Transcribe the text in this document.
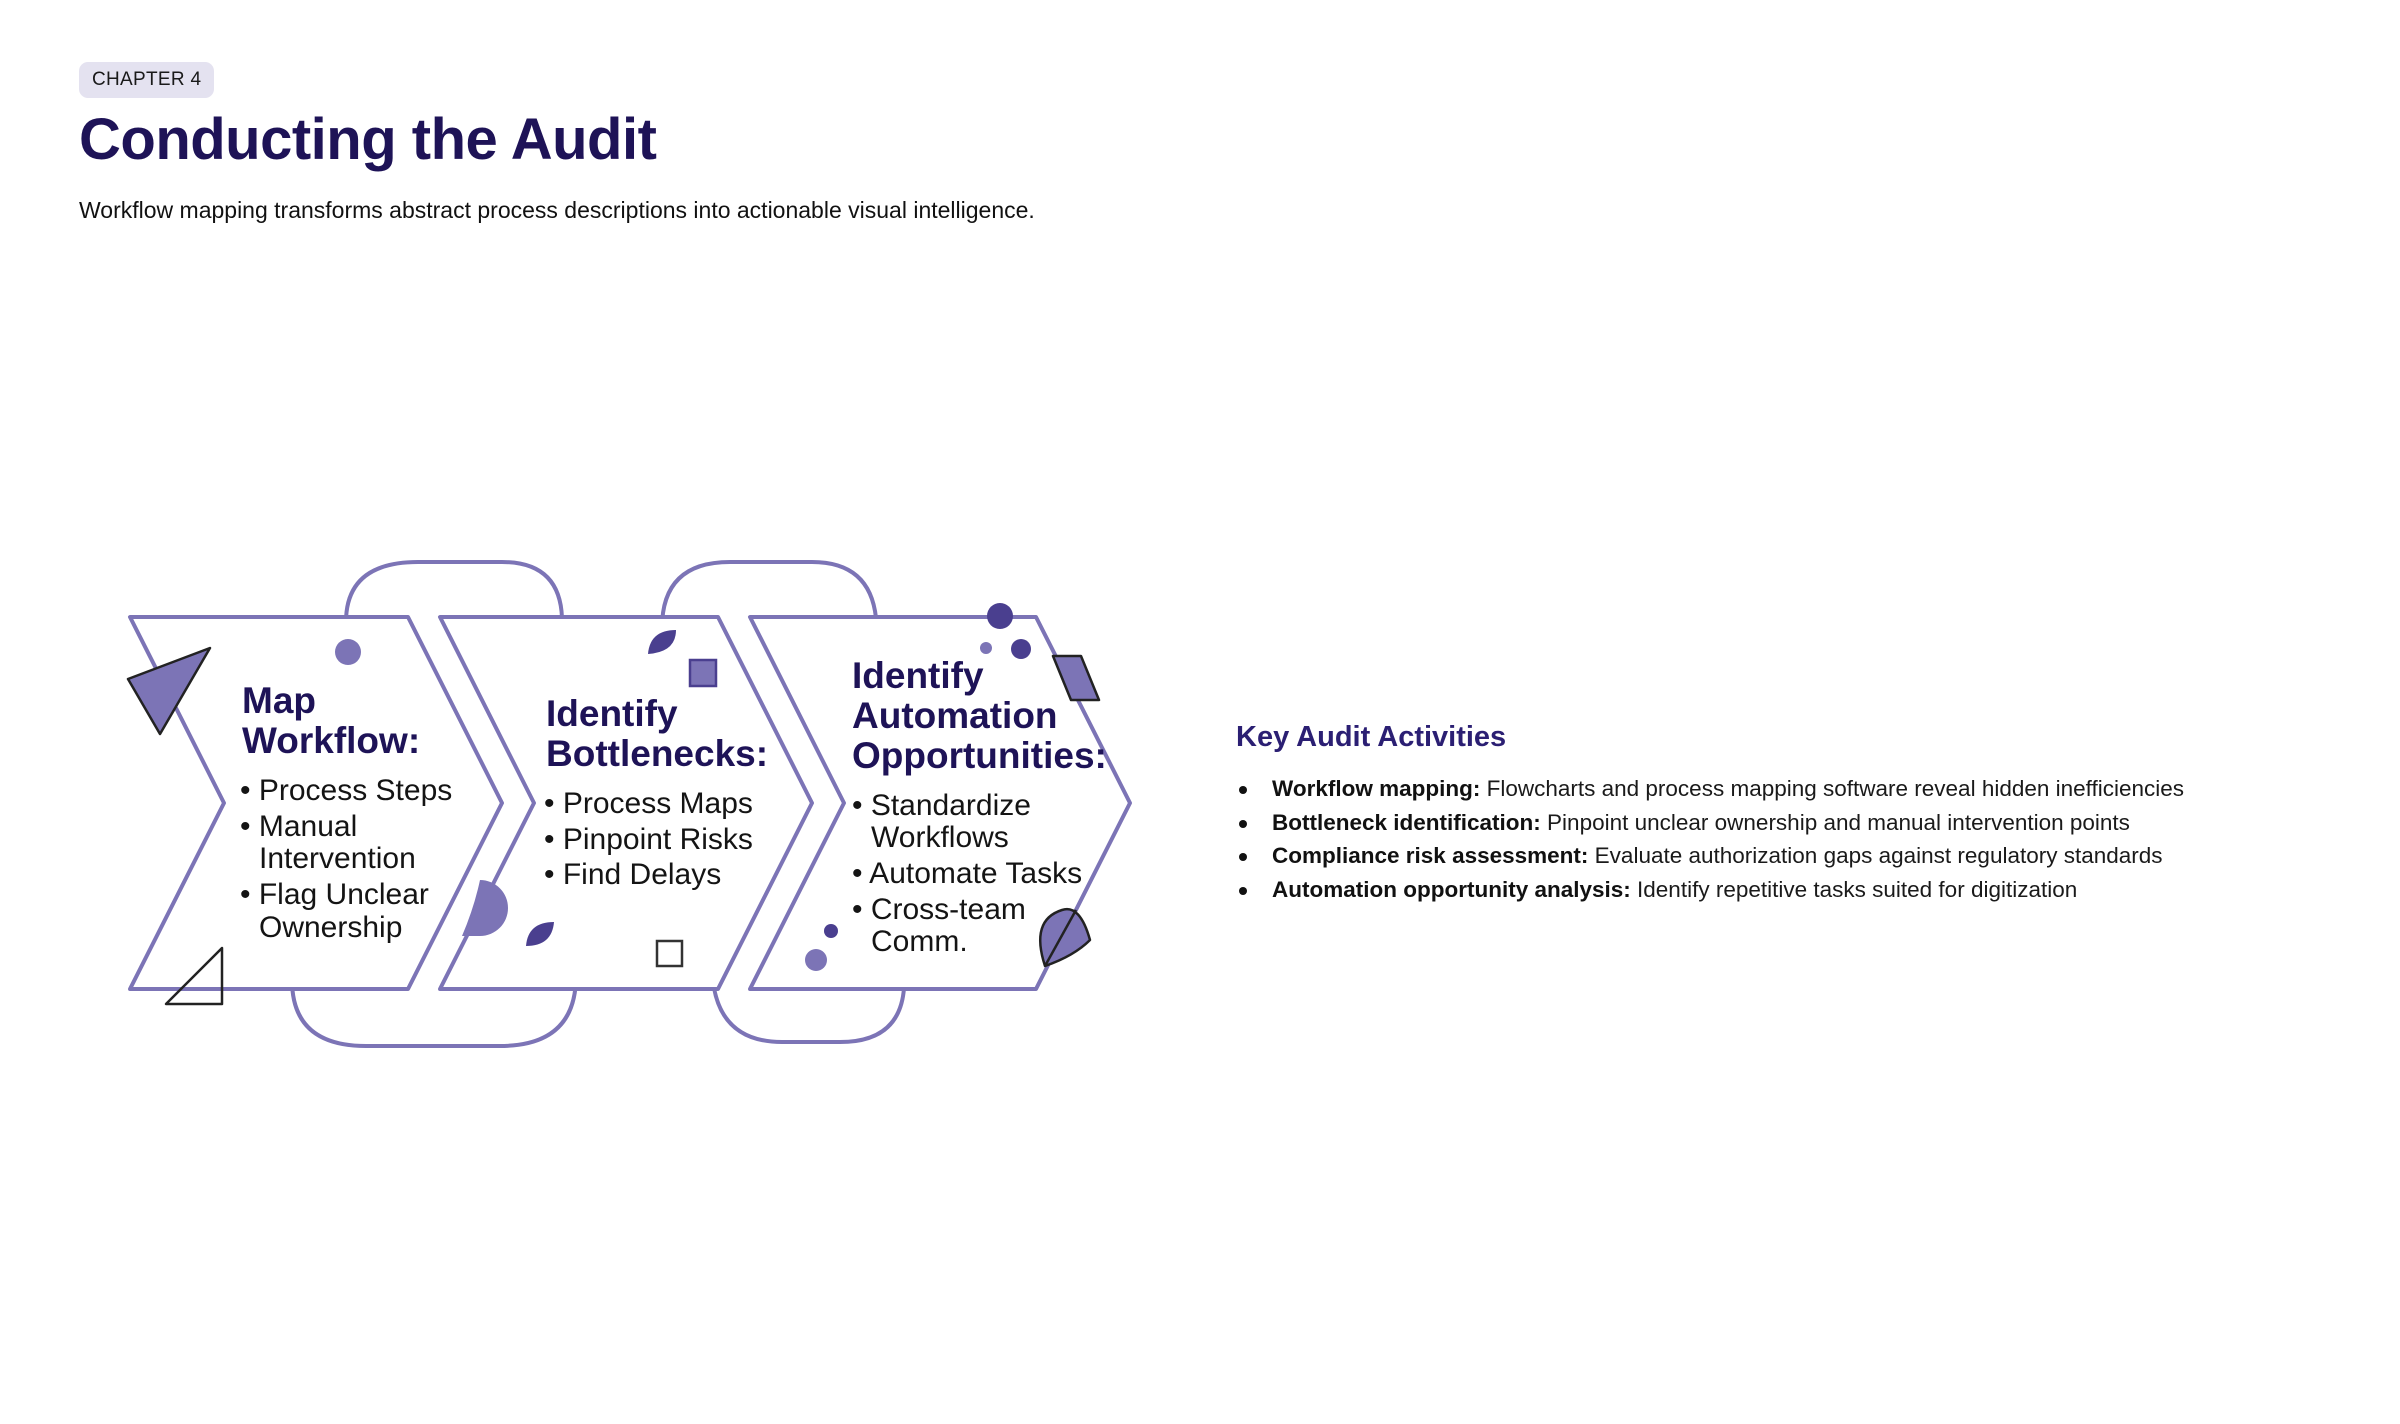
CHAPTER 4
Conducting the Audit

Workflow mapping transforms abstract process descriptions into actionable visual intelligence.

Map
Workflow:
• Process Steps
• Manual
Intervention
• Flag Unclear
Ownership
Identify
Bottlenecks:
• Process Maps
• Pinpoint Risks
• Find Delays
Identify
Automation
Opportunities:
• Standardize
Workflows
• Automate Tasks
• Cross-team
Comm.
Key Audit Activities
Workflow mapping: Flowcharts and process mapping software reveal hidden inefficiencies
Bottleneck identification: Pinpoint unclear ownership and manual intervention points
Compliance risk assessment: Evaluate authorization gaps against regulatory standards
Automation opportunity analysis: Identify repetitive tasks suited for digitization
